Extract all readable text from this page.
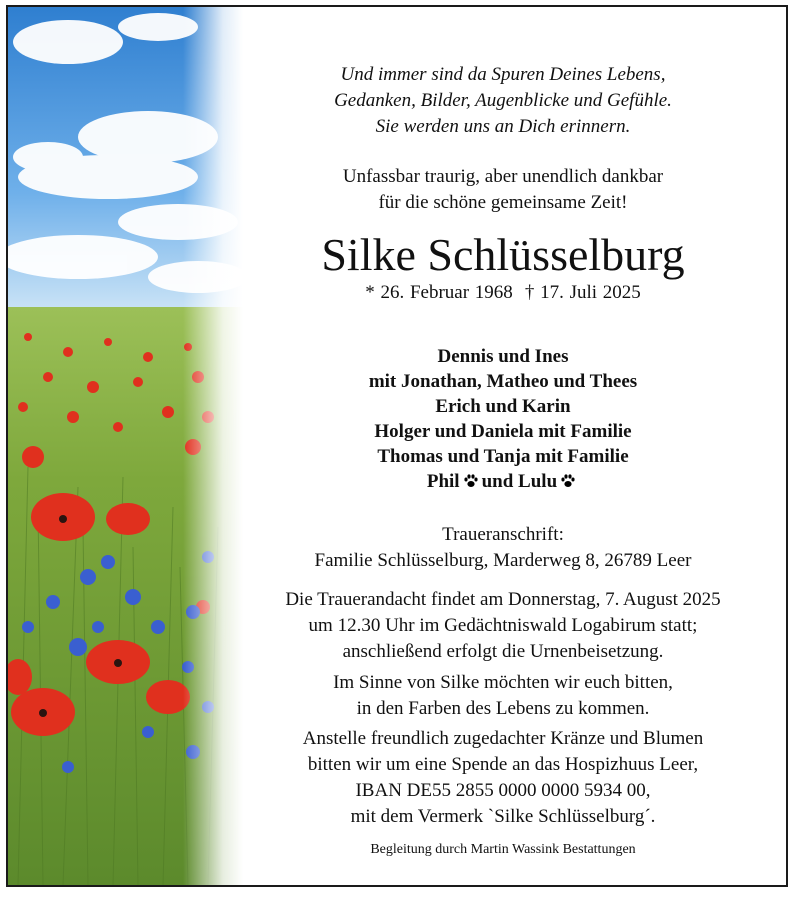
Und immer sind da Spuren Deines Lebens,
Gedanken, Bilder, Augenblicke und Gefühle.
Sie werden uns an Dich erinnern.
Unfassbar traurig, aber unendlich dankbar
für die schöne gemeinsame Zeit!
Silke Schlüsselburg
* 26. Februar 1968 † 17. Juli 2025
Dennis und Ines
mit Jonathan, Matheo und Thees
Erich und Karin
Holger und Daniela mit Familie
Thomas und Tanja mit Familie
Phil und Lulu
Traueranschrift:
Familie Schlüsselburg, Marderweg 8, 26789 Leer
Die Trauerandacht findet am Donnerstag, 7. August 2025
um 12.30 Uhr im Gedächtniswald Logabirum statt;
anschließend erfolgt die Urnenbeisetzung.
Im Sinne von Silke möchten wir euch bitten,
in den Farben des Lebens zu kommen.
Anstelle freundlich zugedachter Kränze und Blumen
bitten wir um eine Spende an das Hospizhuus Leer,
IBAN DE55 2855 0000 0000 5934 00,
mit dem Vermerk `Silke Schlüsselburg´.
Begleitung durch Martin Wassink Bestattungen
